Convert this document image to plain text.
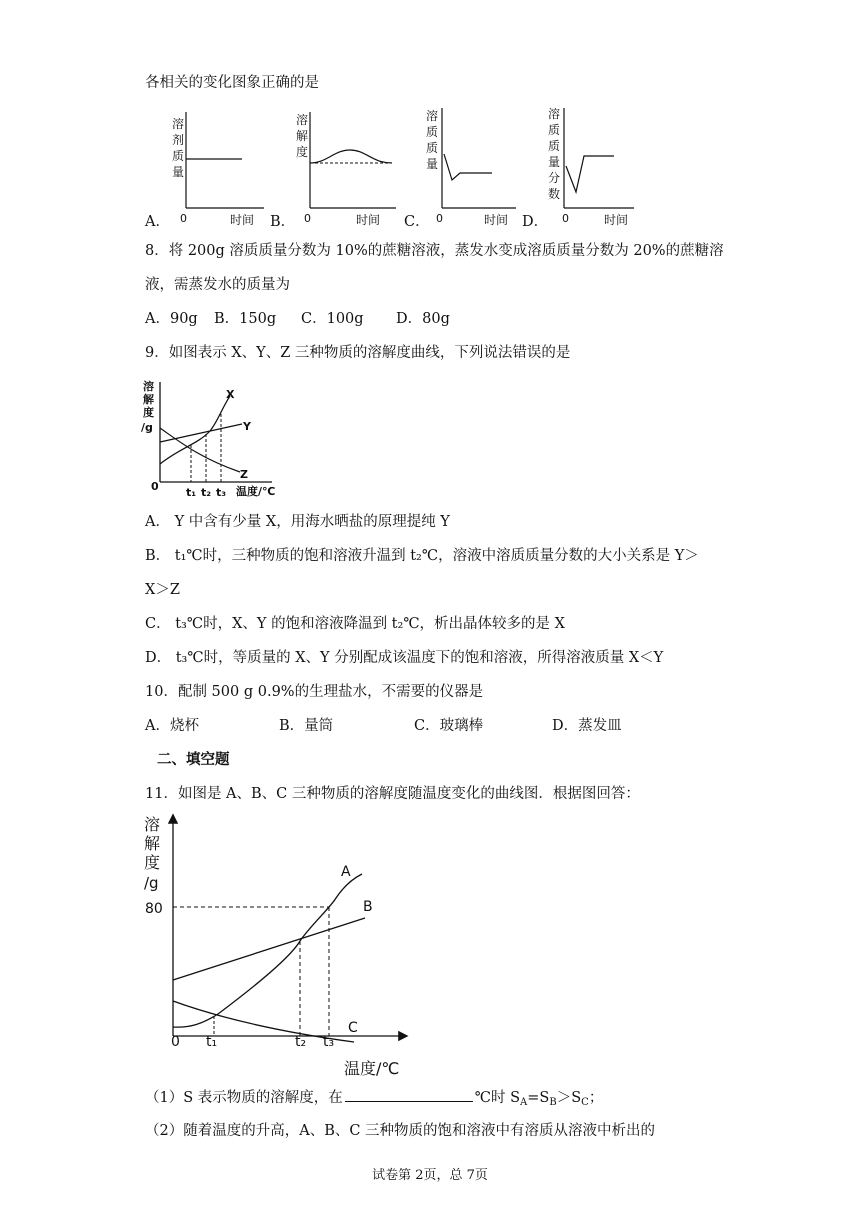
各相关的变化图象正确的是
A．
溶
剂
质
量
0	时间 B．
溶
解
度
0	时间 C．
溶
质
质
量
0	时间 D．
溶
质
质
量
分
数
0	时间
8．将 200g 溶质质量分数为 10%的蔗糖溶液，蒸发水变成溶质质量分数为 20%的蔗糖溶
液，需蒸发水的质量为
A．90g B．150g C．100g D．80g
9．如图表示 X、Y、Z 三种物质的溶解度曲线，下列说法错误的是
溶
解
度
/g
0 t₁ t₂ t₃ 温度/℃
X
Y
Z
A． Y 中含有少量 X，用海水晒盐的原理提纯 Y
B． t₁℃时，三种物质的饱和溶液升温到 t₂℃，溶液中溶质质量分数的大小关系是 Y＞
X＞Z
C． t₃℃时，X、Y 的饱和溶液降温到 t₂℃，析出晶体较多的是 X
D． t₃℃时，等质量的 X、Y 分别配成该温度下的饱和溶液，所得溶液质量 X＜Y
10．配制 500 g 0.9%的生理盐水，不需要的仪器是
A．烧杯	B．量筒	C．玻璃棒	D．蒸发皿
二、填空题
11．如图是 A、B、C 三种物质的溶解度随温度变化的曲线图．根据图回答：
溶
解
度
/g
80
0 t₁	t₂ t₃
A
B
C
温度/℃
（1）S 表示物质的溶解度，在	℃时 $S_A=S_B>S_C$；
（2）随着温度的升高，A、B、C 三种物质的饱和溶液中有溶质从溶液中析出的
试卷第 2页，总 7页
